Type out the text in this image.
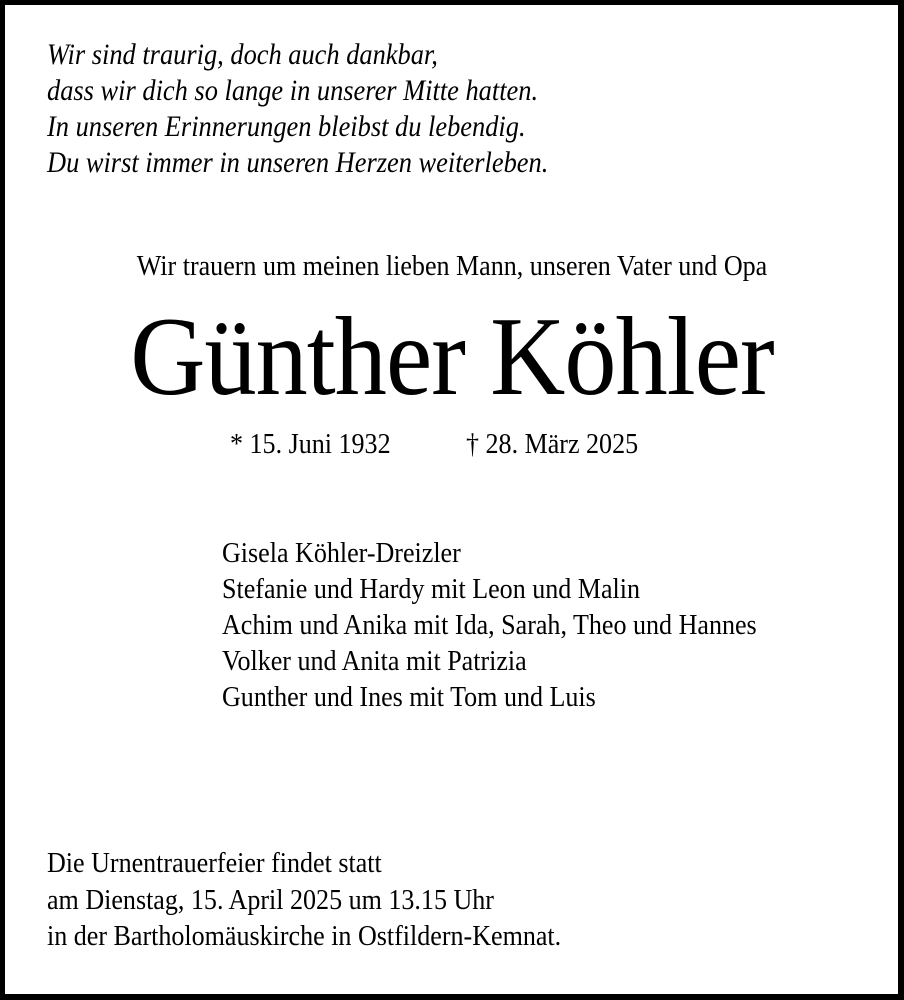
Wir sind traurig, doch auch dankbar,

dass wir dich so lange in unserer Mitte hatten.

In unseren Erinnerungen bleibst du lebendig.

Du wirst immer in unseren Herzen weiterleben.

Wir trauern um meinen lieben Mann, unseren Vater und Opa

Günther Köhler

* 15. Juni 1932	† 28. März 2025

Gisela Köhler-Dreizler

Stefanie und Hardy mit Leon und Malin

Achim und Anika mit Ida, Sarah, Theo und Hannes

Volker und Anita mit Patrizia

Gunther und Ines mit Tom und Luis

Die Urnentrauerfeier findet statt

am Dienstag, 15. April 2025 um 13.15 Uhr

in der Bartholomäuskirche in Ostfildern-Kemnat.
